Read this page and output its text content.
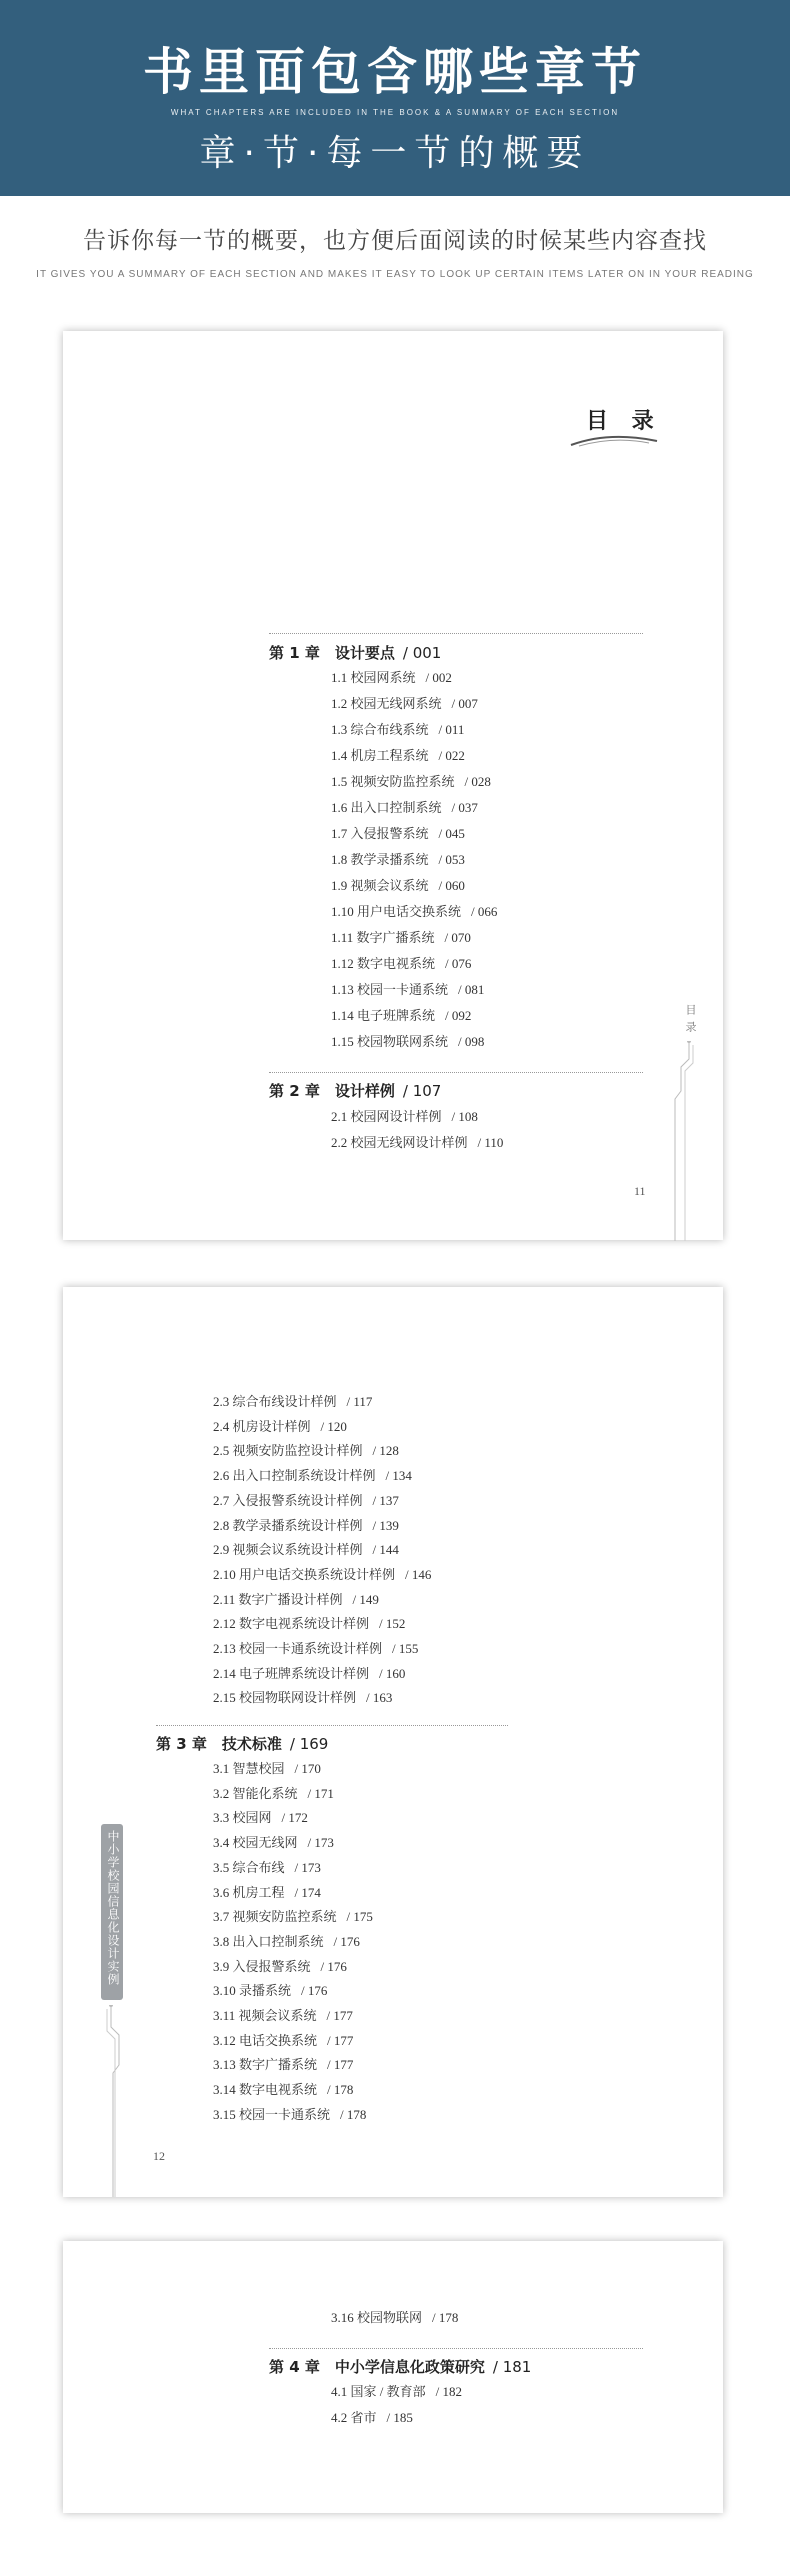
书里面包含哪些章节
WHAT CHAPTERS ARE INCLUDED IN THE BOOK & A SUMMARY OF EACH SECTION
章·节·每一节的概要
告诉你每一节的概要，也方便后面阅读的时候某些内容查找
IT GIVES YOU A SUMMARY OF EACH SECTION AND MAKES IT EASY TO LOOK UP CERTAIN ITEMS LATER ON IN YOUR READING
目 录
第 1 章　设计要点 / 001
1.1 校园网系统 / 002
1.2 校园无线网系统 / 007
1.3 综合布线系统 / 011
1.4 机房工程系统 / 022
1.5 视频安防监控系统 / 028
1.6 出入口控制系统 / 037
1.7 入侵报警系统 / 045
1.8 教学录播系统 / 053
1.9 视频会议系统 / 060
1.10 用户电话交换系统 / 066
1.11 数字广播系统 / 070
1.12 数字电视系统 / 076
1.13 校园一卡通系统 / 081
1.14 电子班牌系统 / 092
1.15 校园物联网系统 / 098
第 2 章　设计样例 / 107
2.1 校园网设计样例 / 108
2.2 校园无线网设计样例 / 110
目录
11
2.3 综合布线设计样例 / 117
2.4 机房设计样例 / 120
2.5 视频安防监控设计样例 / 128
2.6 出入口控制系统设计样例 / 134
2.7 入侵报警系统设计样例 / 137
2.8 教学录播系统设计样例 / 139
2.9 视频会议系统设计样例 / 144
2.10 用户电话交换系统设计样例 / 146
2.11 数字广播设计样例 / 149
2.12 数字电视系统设计样例 / 152
2.13 校园一卡通系统设计样例 / 155
2.14 电子班牌系统设计样例 / 160
2.15 校园物联网设计样例 / 163
第 3 章　技术标准 / 169
3.1 智慧校园 / 170
3.2 智能化系统 / 171
3.3 校园网 / 172
3.4 校园无线网 / 173
3.5 综合布线 / 173
3.6 机房工程 / 174
3.7 视频安防监控系统 / 175
3.8 出入口控制系统 / 176
3.9 入侵报警系统 / 176
3.10 录播系统 / 176
3.11 视频会议系统 / 177
3.12 电话交换系统 / 177
3.13 数字广播系统 / 177
3.14 数字电视系统 / 178
3.15 校园一卡通系统 / 178
中小学校园信息化设计实例
12
3.16 校园物联网 / 178
第 4 章　中小学信息化政策研究 / 181
4.1 国家 / 教育部 / 182
4.2 省市 / 185
